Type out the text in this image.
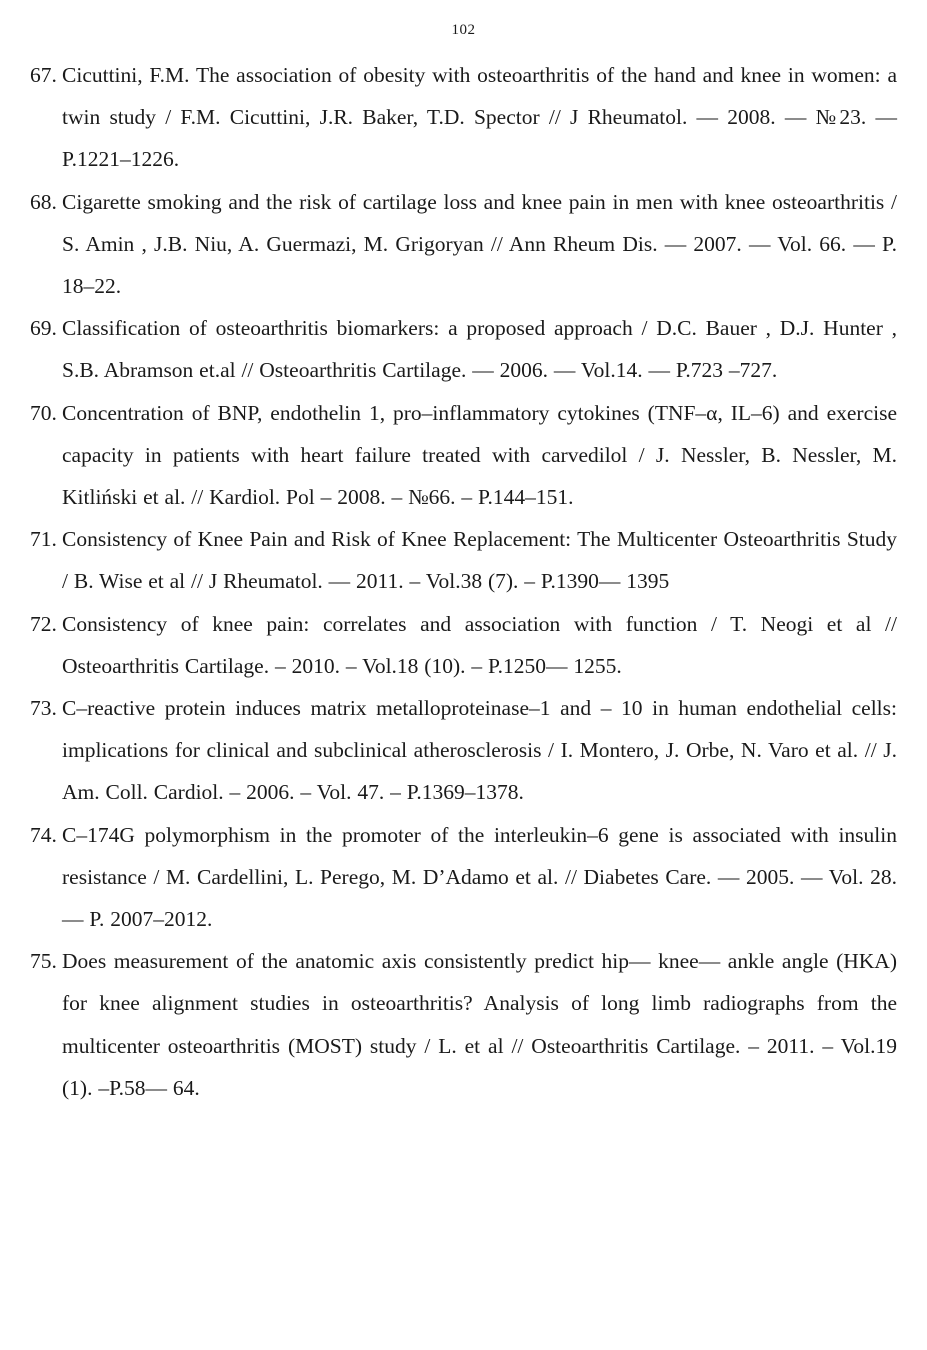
102
67. Cicuttini, F.M. The association of obesity with osteoarthritis of the hand and knee in women: a twin study / F.M. Cicuttini, J.R. Baker, T.D. Spector // J Rheumatol. — 2008. — №23. — P.1221–1226.
68. Cigarette smoking and the risk of cartilage loss and knee pain in men with knee osteoarthritis / S. Amin , J.B. Niu, A. Guermazi, M. Grigoryan // Ann Rheum Dis. — 2007. — Vol. 66. — P. 18–22.
69. Classification of osteoarthritis biomarkers: a proposed approach / D.C. Bauer , D.J. Hunter , S.B. Abramson et.al // Osteoarthritis Cartilage. — 2006. — Vol.14. — P.723 –727.
70. Concentration of BNP, endothelin 1, pro–inflammatory cytokines (TNF–α, IL–6) and exercise capacity in patients with heart failure treated with carvedilol / J. Nessler, B. Nessler, M. Kitliński et al. // Kardiol. Pol – 2008. – №66. – P.144–151.
71. Consistency of Knee Pain and Risk of Knee Replacement: The Multicenter Osteoarthritis Study / B. Wise et al // J Rheumatol. — 2011. – Vol.38 (7). – P.1390— 1395
72. Consistency of knee pain: correlates and association with function / T. Neogi et al // Osteoarthritis Cartilage. – 2010. – Vol.18 (10). – P.1250— 1255.
73. C–reactive protein induces matrix metalloproteinase–1 and – 10 in human endothelial cells: implications for clinical and subclinical atherosclerosis / I. Montero, J. Orbe, N. Varo et al. // J. Am. Coll. Cardiol. – 2006. – Vol. 47. – P.1369–1378.
74. C–174G polymorphism in the promoter of the interleukin–6 gene is associated with insulin resistance / M. Cardellini, L. Perego, M. D’Adamo et al. // Diabetes Care. — 2005. — Vol. 28. — P. 2007–2012.
75. Does measurement of the anatomic axis consistently predict hip— knee— ankle angle (HKA) for knee alignment studies in osteoarthritis? Analysis of long limb radiographs from the multicenter osteoarthritis (MOST) study / L. et al // Osteoarthritis Cartilage. – 2011. – Vol.19 (1). –P.58— 64.
